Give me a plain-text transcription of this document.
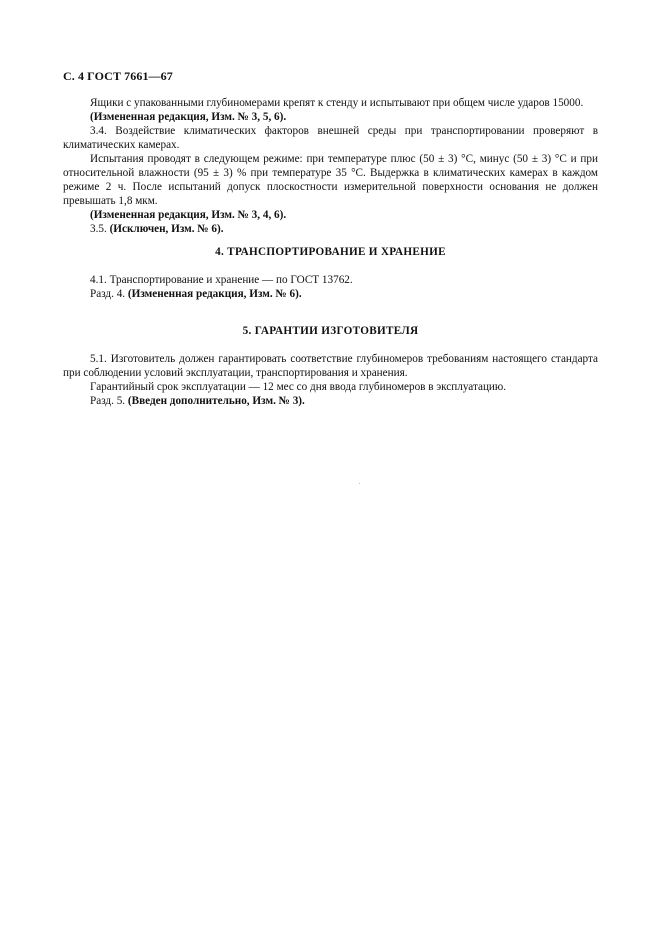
С. 4 ГОСТ 7661—67

Ящики с упакованными глубиномерами крепят к стенду и испытывают при общем числе ударов 15000.

(Измененная редакция, Изм. № 3, 5, 6).

3.4. Воздействие климатических факторов внешней среды при транспортировании проверяют в климатических камерах.

Испытания проводят в следующем режиме: при температуре плюс (50 ± 3) °С, минус (50 ± 3) °С и при относительной влажности (95 ± 3) % при температуре 35 °С. Выдержка в климатических камерах в каждом режиме 2 ч. После испытаний допуск плоскостности измерительной поверхности основания не должен превышать 1,8 мкм.

(Измененная редакция, Изм. № 3, 4, 6).

3.5. (Исключен, Изм. № 6).

4. ТРАНСПОРТИРОВАНИЕ И ХРАНЕНИЕ

4.1. Транспортирование и хранение — по ГОСТ 13762.

Разд. 4. (Измененная редакция, Изм. № 6).

5. ГАРАНТИИ ИЗГОТОВИТЕЛЯ

5.1. Изготовитель должен гарантировать соответствие глубиномеров требованиям настоящего стандарта при соблюдении условий эксплуатации, транспортирования и хранения.

Гарантийный срок эксплуатации — 12 мес со дня ввода глубиномеров в эксплуатацию.

Разд. 5. (Введен дополнительно, Изм. № 3).
